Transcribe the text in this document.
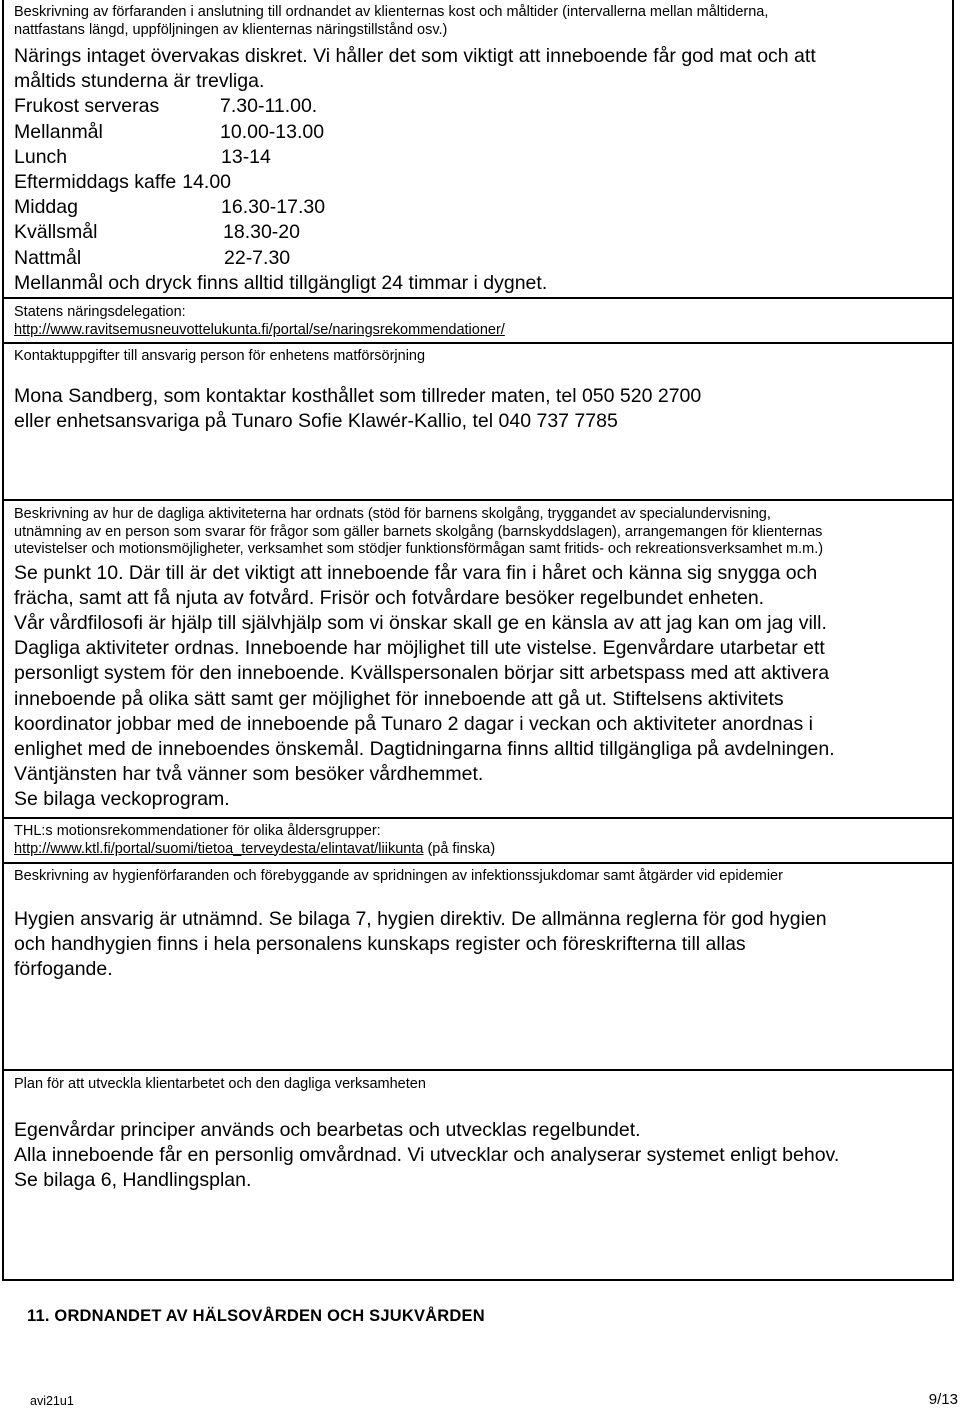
Beskrivning av förfaranden i anslutning till ordnandet av klienternas kost och måltider (intervallerna mellan måltiderna,
nattfastans längd, uppföljningen av klienternas näringstillstånd osv.)
Närings intaget övervakas diskret. Vi håller det som viktigt att inneboende får god mat och att
måltids stunderna är trevliga.
Frukost serveras	7.30-11.00.
Mellanmål	10.00-13.00
Lunch	13-14
Eftermiddags kaffe 14.00
Middag	16.30-17.30
Kvällsmål	18.30-20
Nattmål	22-7.30
Mellanmål och dryck finns alltid tillgängligt 24 timmar i dygnet.
Statens näringsdelegation:
http://www.ravitsemusneuvottelukunta.fi/portal/se/naringsrekommendationer/
Kontaktuppgifter till ansvarig person för enhetens matförsörjning
Mona Sandberg, som kontaktar kosthållet som tillreder maten, tel 050 520 2700
eller enhetsansvariga på Tunaro Sofie Klawér-Kallio, tel 040 737 7785
Beskrivning av hur de dagliga aktiviteterna har ordnats (stöd för barnens skolgång, tryggandet av specialundervisning,
utnämning av en person som svarar för frågor som gäller barnets skolgång (barnskyddslagen), arrangemangen för klienternas
utevistelser och motionsmöjligheter, verksamhet som stödjer funktionsförmågan samt fritids- och rekreationsverksamhet m.m.)
Se punkt 10. Där till är det viktigt att inneboende får vara fin i håret och känna sig snygga och
frächa, samt att få njuta av fotvård. Frisör och fotvårdare besöker regelbundet enheten.
Vår vårdfilosofi är hjälp till självhjälp som vi önskar skall ge en känsla av att jag kan om jag vill.
Dagliga aktiviteter ordnas. Inneboende har möjlighet till ute vistelse. Egenvårdare utarbetar ett
personligt system för den inneboende. Kvällspersonalen börjar sitt arbetspass med att aktivera
inneboende på olika sätt samt ger möjlighet för inneboende att gå ut. Stiftelsens aktivitets
koordinator jobbar med de inneboende på Tunaro 2 dagar i veckan och aktiviteter anordnas i
enlighet med de inneboendes önskemål. Dagtidningarna finns alltid tillgängliga på avdelningen.
Väntjänsten har två vänner som besöker vårdhemmet.
Se bilaga veckoprogram.
THL:s motionsrekommendationer för olika åldersgrupper:
http://www.ktl.fi/portal/suomi/tietoa_terveydesta/elintavat/liikunta (på finska)
Beskrivning av hygienförfaranden och förebyggande av spridningen av infektionssjukdomar samt åtgärder vid epidemier
Hygien ansvarig är utnämnd. Se bilaga 7, hygien direktiv. De allmänna reglerna för god hygien
och handhygien finns i hela personalens kunskaps register och föreskrifterna till allas
förfogande.
Plan för att utveckla klientarbetet och den dagliga verksamheten
Egenvårdar principer används och bearbetas och utvecklas regelbundet.
Alla inneboende får en personlig omvårdnad. Vi utvecklar och analyserar systemet enligt behov.
Se bilaga 6, Handlingsplan.
11. ORDNANDET AV HÄLSOVÅRDEN OCH SJUKVÅRDEN
avi21u1	9/13
